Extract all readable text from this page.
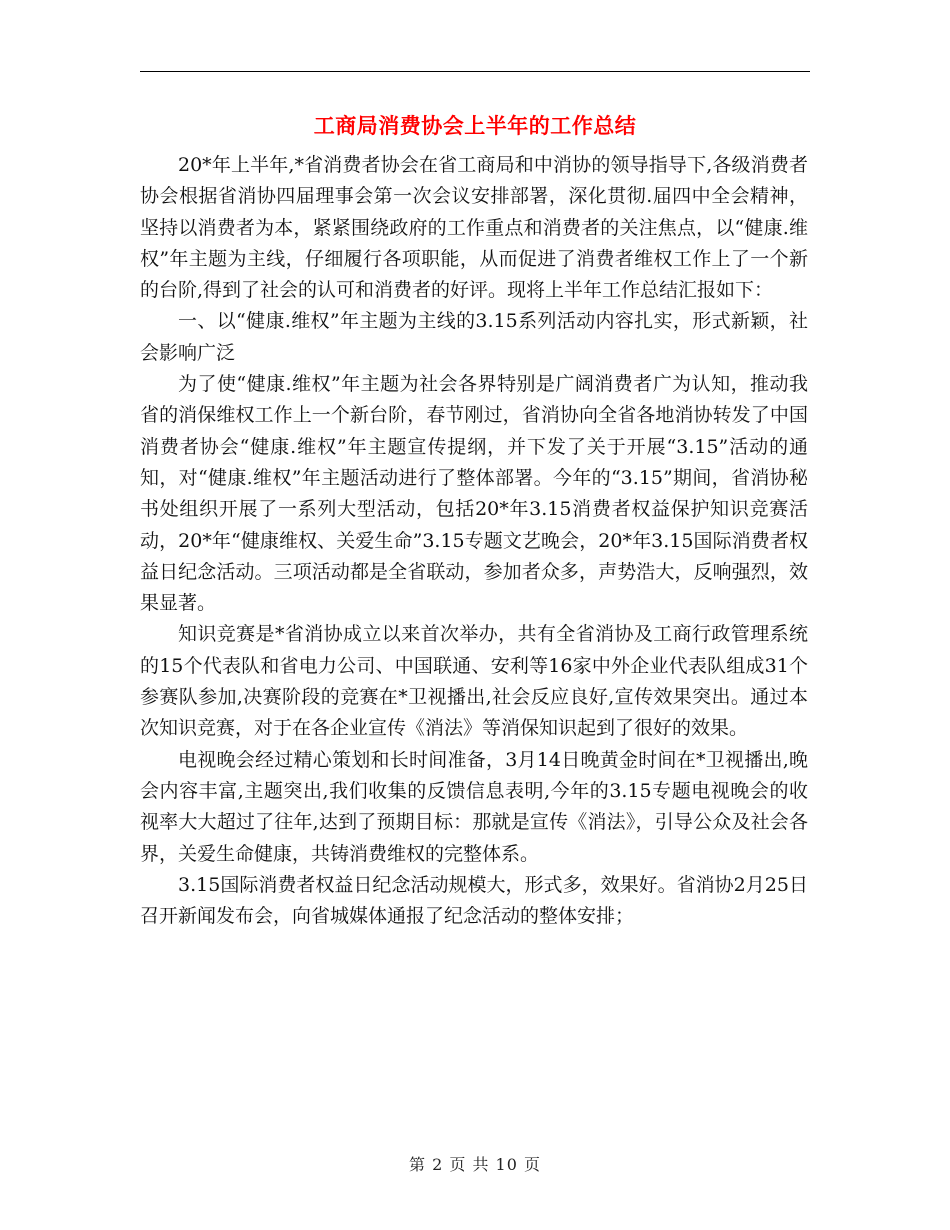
工商局消费协会上半年的工作总结

20*年上半年,*省消费者协会在省工商局和中消协的领导指导下,各级消费者协会根据省消协四届理事会第一次会议安排部署，深化贯彻.届四中全会精神，坚持以消费者为本，紧紧围绕政府的工作重点和消费者的关注焦点，以“健康.维权”年主题为主线，仔细履行各项职能，从而促进了消费者维权工作上了一个新的台阶,得到了社会的认可和消费者的好评。现将上半年工作总结汇报如下：

一、以“健康.维权”年主题为主线的3.15系列活动内容扎实，形式新颖，社会影响广泛

为了使“健康.维权”年主题为社会各界特别是广阔消费者广为认知，推动我省的消保维权工作上一个新台阶，春节刚过，省消协向全省各地消协转发了中国消费者协会“健康.维权”年主题宣传提纲，并下发了关于开展“3.15”活动的通知，对“健康.维权”年主题活动进行了整体部署。今年的“3.15”期间，省消协秘书处组织开展了一系列大型活动，包括20*年3.15消费者权益保护知识竞赛活动，20*年“健康维权、关爱生命”3.15专题文艺晚会，20*年3.15国际消费者权益日纪念活动。三项活动都是全省联动，参加者众多，声势浩大，反响强烈，效果显著。

知识竞赛是*省消协成立以来首次举办，共有全省消协及工商行政管理系统的15个代表队和省电力公司、中国联通、安利等16家中外企业代表队组成31个参赛队参加,决赛阶段的竞赛在*卫视播出,社会反应良好,宣传效果突出。通过本次知识竞赛，对于在各企业宣传《消法》等消保知识起到了很好的效果。

电视晚会经过精心策划和长时间准备，3月14日晚黄金时间在*卫视播出,晚会内容丰富,主题突出,我们收集的反馈信息表明,今年的3.15专题电视晚会的收视率大大超过了往年,达到了预期目标：那就是宣传《消法》，引导公众及社会各界，关爱生命健康，共铸消费维权的完整体系。

3.15国际消费者权益日纪念活动规模大，形式多，效果好。省消协2月25日召开新闻发布会，向省城媒体通报了纪念活动的整体安排；

第 2 页 共 10 页
